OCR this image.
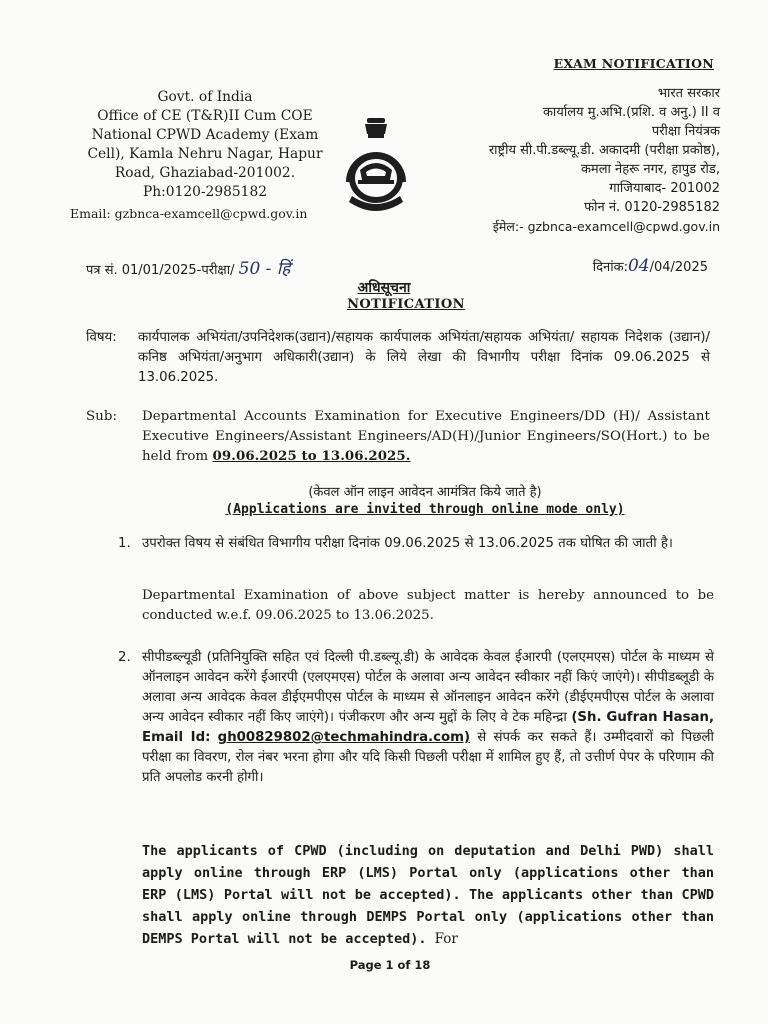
EXAM NOTIFICATION
Govt. of India
Office of CE (T&R)II Cum COE
National CPWD Academy (Exam
Cell), Kamla Nehru Nagar, Hapur
Road, Ghaziabad-201002.
Ph:0120-2985182
Email: gzbnca-examcell@cpwd.gov.in
भारत सरकार
कार्यालय मु.अभि.(प्रशि. व अनु.) II व
परीक्षा नियंत्रक
राष्ट्रीय सी.पी.डब्ल्यू.डी. अकादमी (परीक्षा प्रकोष्ठ),
कमला नेहरू नगर, हापुड रोड,
गाजियाबाद- 201002
फोन नं. 0120-2985182
ईमेल:- gzbnca-examcell@cpwd.gov.in
पत्र सं. 01/01/2025-परीक्षा/ 50 - हिं	दिनांक:04/04/2025
अधिसूचना
NOTIFICATION
विषय: कार्यपालक अभियंता/उपनिदेशक(उद्यान)/सहायक कार्यपालक अभियंता/सहायक अभियंता/ सहायक निदेशक (उद्यान)/कनिष्ठ अभियंता/अनुभाग अधिकारी(उद्यान) के लिये लेखा की विभागीय परीक्षा दिनांक 09.06.2025 से 13.06.2025.
Sub: Departmental Accounts Examination for Executive Engineers/DD (H)/ Assistant Executive Engineers/Assistant Engineers/AD(H)/Junior Engineers/SO(Hort.) to be held from 09.06.2025 to 13.06.2025.
(केवल ऑन लाइन आवेदन आमंत्रित किये जाते है)
(Applications are invited through online mode only)
1. उपरोक्त विषय से संबंधित विभागीय परीक्षा दिनांक 09.06.2025 से 13.06.2025 तक घोषित की जाती है।
Departmental Examination of above subject matter is hereby announced to be conducted w.e.f. 09.06.2025 to 13.06.2025.
2. सीपीडब्ल्यूडी (प्रतिनियुक्ति सहित एवं दिल्ली पी.डब्ल्यू.डी) के आवेदक केवल ईआरपी (एलएमएस) पोर्टल के माध्यम से ऑनलाइन आवेदन करेंगे ईआरपी (एलएमएस) पोर्टल के अलावा अन्य आवेदन स्वीकार नहीं किएं जाएंगे)। सीपीडब्लूडी के अलावा अन्य आवेदक केवल डीईएमपीएस पोर्टल के माध्यम से ऑनलाइन आवेदन करेंगे (डीईएमपीएस पोर्टल के अलावा अन्य आवेदन स्वीकार नहीं किए जाएंगे)। पंजीकरण और अन्य मुद्दों के लिए वे टेक महिन्द्रा (Sh. Gufran Hasan, Email Id: gh00829802@techmahindra.com) से संपर्क कर सकते हैं। उम्मीदवारों को पिछली परीक्षा का विवरण, रोल नंबर भरना होगा और यदि किसी पिछली परीक्षा में शामिल हुए हैं, तो उत्तीर्ण पेपर के परिणाम की प्रति अपलोड करनी होगी।
The applicants of CPWD (including on deputation and Delhi PWD) shall apply online through ERP (LMS) Portal only (applications other than ERP (LMS) Portal will not be accepted). The applicants other than CPWD shall apply online through DEMPS Portal only (applications other than DEMPS Portal will not be accepted). For
Page 1 of 18
